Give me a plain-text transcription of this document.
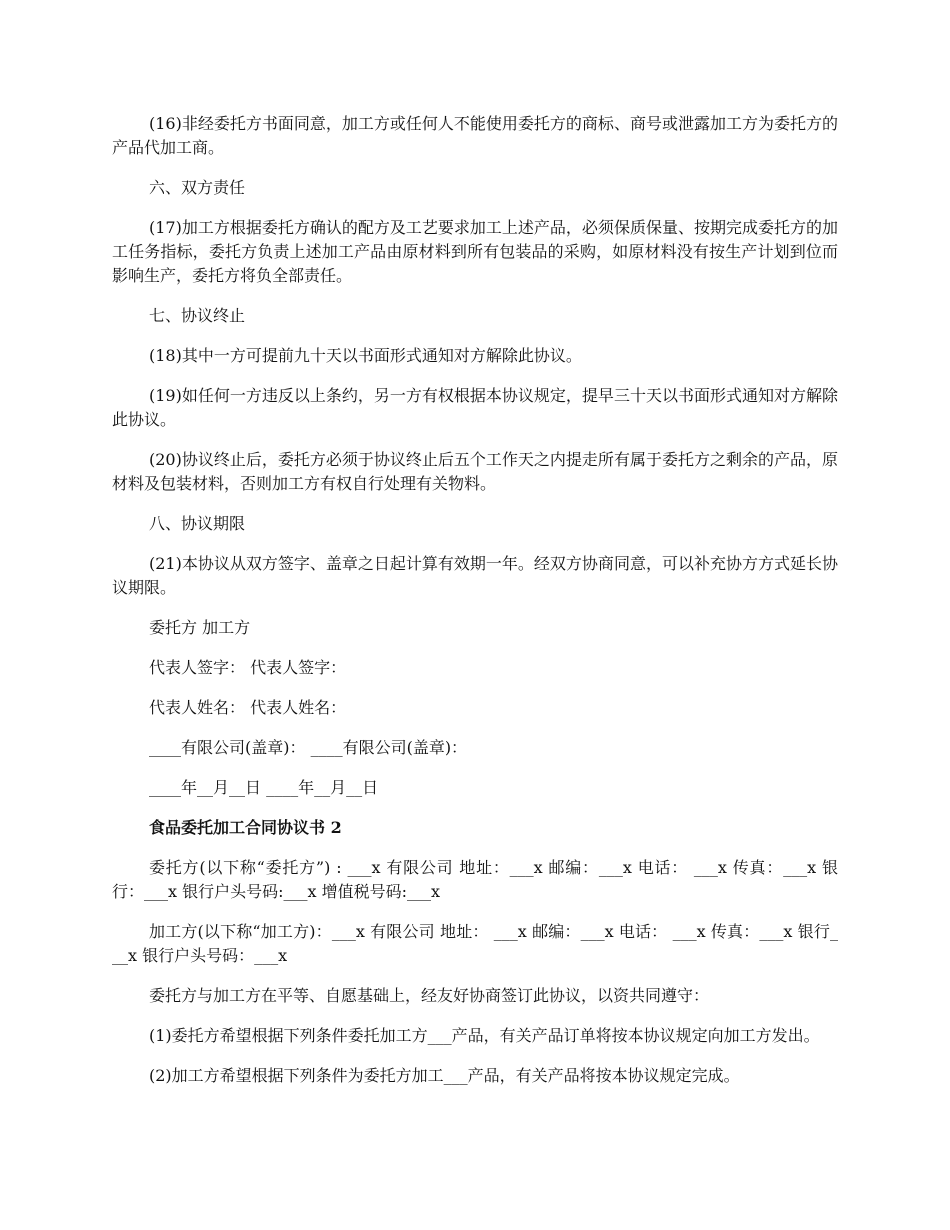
(16)非经委托方书面同意，加工方或任何人不能使用委托方的商标、商号或泄露加工方为委托方的产品代加工商。

六、双方责任

(17)加工方根据委托方确认的配方及工艺要求加工上述产品，必须保质保量、按期完成委托方的加工任务指标，委托方负责上述加工产品由原材料到所有包装品的采购，如原材料没有按生产计划到位而影响生产，委托方将负全部责任。

七、协议终止

(18)其中一方可提前九十天以书面形式通知对方解除此协议。

(19)如任何一方违反以上条约，另一方有权根据本协议规定，提早三十天以书面形式通知对方解除此协议。

(20)协议终止后，委托方必须于协议终止后五个工作天之内提走所有属于委托方之剩余的产品，原材料及包装材料，否则加工方有权自行处理有关物料。

八、协议期限

(21)本协议从双方签字、盖章之日起计算有效期一年。经双方协商同意，可以补充协方方式延长协议期限。

委托方 加工方

代表人签字： 代表人签字：

代表人姓名： 代表人姓名：

____有限公司(盖章)： ____有限公司(盖章)：

____年__月__日 ____年__月__日

食品委托加工合同协议书 2

委托方(以下称“委托方”) : ___x 有限公司 地址：___x 邮编：___x 电话： ___x 传真：___x 银行：___x 银行户头号码:___x 增值税号码:___x

加工方(以下称“加工方)：___x 有限公司 地址： ___x 邮编：___x 电话： ___x 传真：___x 银行___x 银行户头号码：___x

委托方与加工方在平等、自愿基础上，经友好协商签订此协议，以资共同遵守：

(1)委托方希望根据下列条件委托加工方___产品，有关产品订单将按本协议规定向加工方发出。

(2)加工方希望根据下列条件为委托方加工___产品，有关产品将按本协议规定完成。
